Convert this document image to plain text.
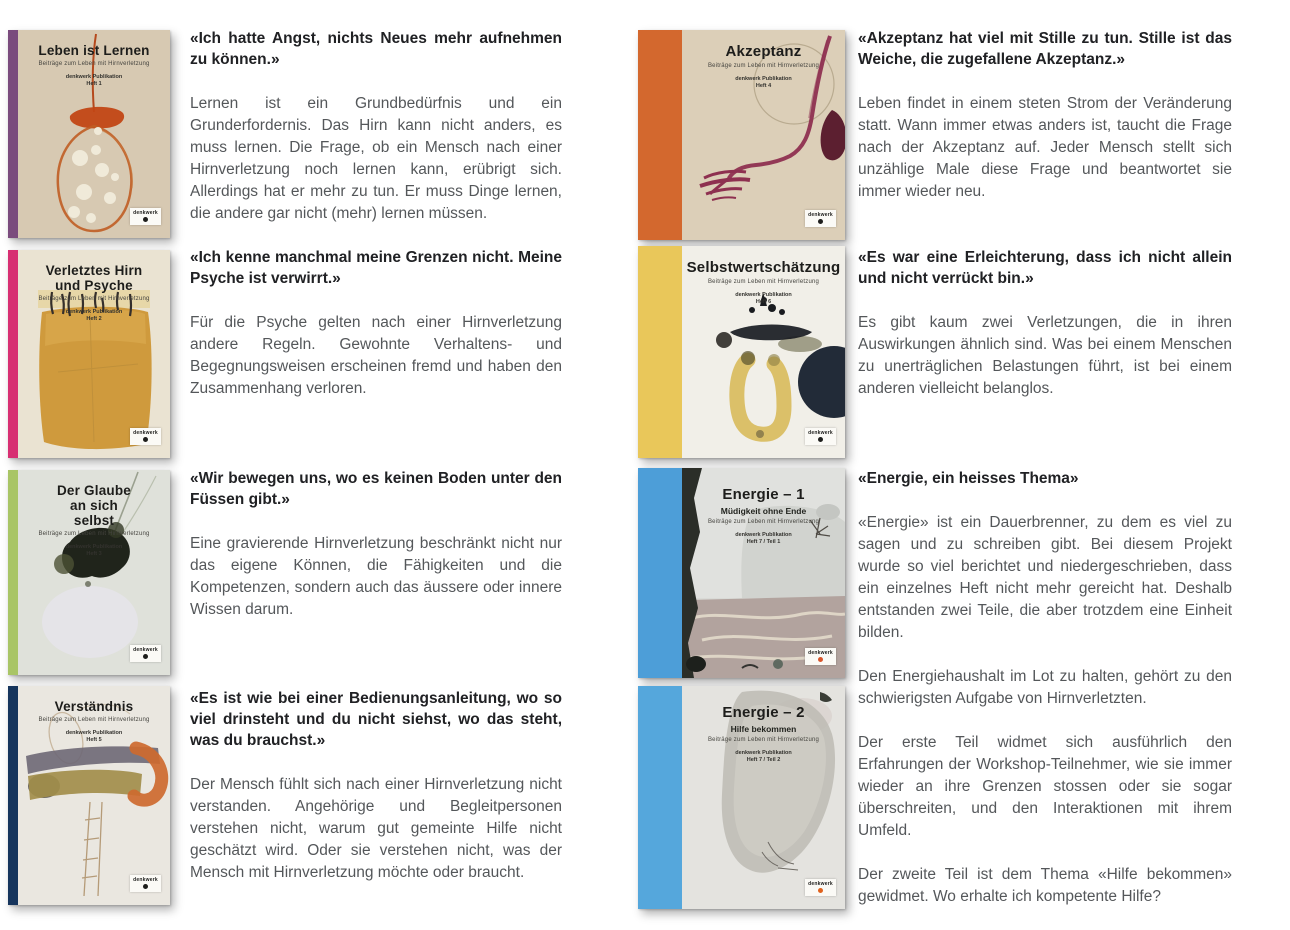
Leben ist Lernen
Beiträge zum Leben mit Hirnverletzung
denkwerk Publikation
Heft 1
denkwerk
Verletztes Hirn und Psyche
Beiträge zum Leben mit Hirnverletzung
denkwerk Publikation
Heft 2
denkwerk
Der Glaube an sich selbst
Beiträge zum Leben mit Hirnverletzung
denkwerk Publikation
Heft 3
denkwerk
Verständnis
Beiträge zum Leben mit Hirnverletzung
denkwerk Publikation
Heft 5
denkwerk
Akzeptanz
Beiträge zum Leben mit Hirnverletzung
denkwerk Publikation
Heft 4
denkwerk
Selbstwertschätzung
Beiträge zum Leben mit Hirnverletzung
denkwerk Publikation
Heft 6
denkwerk
Energie – 1
Müdigkeit ohne Ende
Beiträge zum Leben mit Hirnverletzung
denkwerk Publikation
Heft 7 / Teil 1
denkwerk
Energie – 2
Hilfe bekommen
Beiträge zum Leben mit Hirnverletzung
denkwerk Publikation
Heft 7 / Teil 2
denkwerk

«Ich hatte Angst, nichts Neues mehr aufnehmen zu können.»

Lernen ist ein Grundbedürfnis und ein Grunderfordernis. Das Hirn kann nicht anders, es muss lernen. Die Frage, ob ein Mensch nach einer Hirnverletzung noch lernen kann, erübrigt sich. Allerdings hat er mehr zu tun. Er muss Dinge lernen, die andere gar nicht (mehr) lernen müssen.

«Ich kenne manchmal meine Grenzen nicht. Meine Psyche ist verwirrt.»

Für die Psyche gelten nach einer Hirnverletzung andere Regeln. Gewohnte Verhaltens- und Begegnungsweisen erscheinen fremd und haben den Zusammenhang verloren.

«Wir bewegen uns, wo es keinen Boden unter den Füssen gibt.»

Eine gravierende Hirnverletzung beschränkt nicht nur das eigene Können, die Fähigkeiten und die Kompetenzen, sondern auch das äussere oder innere Wissen darum.

«Es ist wie bei einer Bedienungsanleitung, wo so viel drinsteht und du nicht siehst, wo das steht, was du brauchst.»

Der Mensch fühlt sich nach einer Hirnverletzung nicht verstanden. Angehörige und Begleitpersonen verstehen nicht, warum gut gemeinte Hilfe nicht geschätzt wird. Oder sie verstehen nicht, was der Mensch mit Hirnverletzung möchte oder braucht.

«Akzeptanz hat viel mit Stille zu tun. Stille ist das Weiche, die zugefallene Akzeptanz.»

Leben findet in einem steten Strom der Veränderung statt. Wann immer etwas anders ist, taucht die Frage nach der Akzeptanz auf. Jeder Mensch stellt sich unzählige Male diese Frage und beantwortet sie immer wieder neu.

«Es war eine Erleichterung, dass ich nicht allein und nicht verrückt bin.»

Es gibt kaum zwei Verletzungen, die in ihren Auswirkungen ähnlich sind. Was bei einem Menschen zu unerträglichen Belastungen führt, ist bei einem anderen vielleicht belanglos.

«Energie, ein heisses Thema»

«Energie» ist ein Dauerbrenner, zu dem es viel zu sagen und zu schreiben gibt. Bei diesem Projekt wurde so viel berichtet und niedergeschrieben, dass ein einzelnes Heft nicht mehr gereicht hat. Deshalb entstanden zwei Teile, die aber trotzdem eine Einheit bilden.

Den Energiehaushalt im Lot zu halten, gehört zu den schwierigsten Aufgabe von Hirnverletzten.

Der erste Teil widmet sich ausführlich den Erfahrungen der Workshop-Teilnehmer, wie sie immer wieder an ihre Grenzen stossen oder sie sogar überschreiten, und den Interaktionen mit ihrem Umfeld.

Der zweite Teil ist dem Thema «Hilfe bekommen» gewidmet. Wo erhalte ich kompetente Hilfe?
